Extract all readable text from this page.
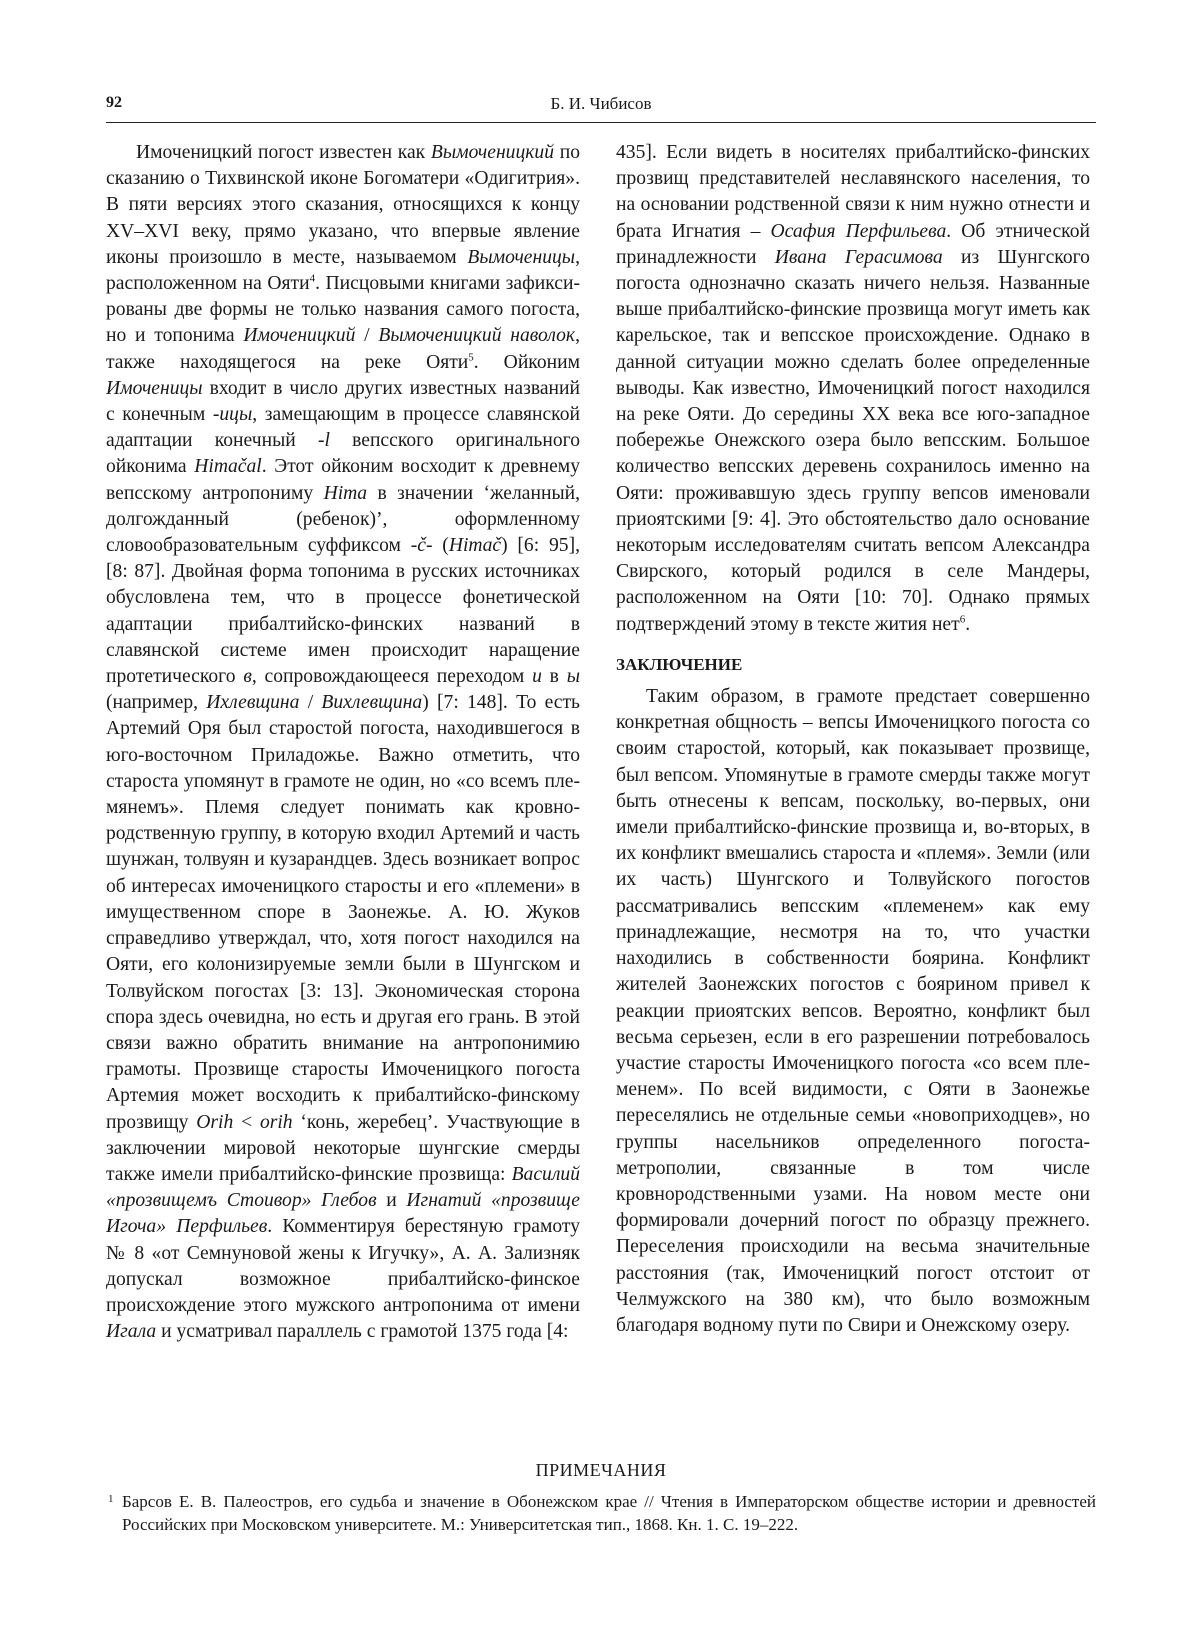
92	Б. И. Чибисов

Имоченицкий погост известен как Вымоченицкий по сказанию о Тихвинской иконе Богоматери «Одигитрия». В пяти версиях этого сказания, относящихся к концу XV–XVI веку, прямо указано, что впервые явление иконы произошло в месте, называемом Вымоченицы, расположенном на Ояти$^4$. Писцовыми книгами зафиксированы две формы не только названия самого погоста, но и топонима Имоченицкий / Вымоченицкий наволок, также находящегося на реке Ояти$^5$. Ойконим Имоченицы входит в число других известных названий с конечным -ицы, замещающим в процессе славянской адаптации конечный -l вепсского оригинального ойконима Himačal. Этот ойконим восходит к древнему вепсскому антропониму Hima в значении ‘желанный, долгожданный (ребенок)’, оформленному словообразовательным суффиксом -č- (Himač) [6: 95], [8: 87]. Двойная форма топонима в русских источниках обусловлена тем, что в процессе фонетической адаптации прибалтийско-финских названий в славянской системе имен происходит наращение протетического в, сопровождающееся переходом и в ы (например, Ихлевщина / Вихлевщина) [7: 148]. То есть Артемий Оря был старостой погоста, находившегося в юго-восточном Приладожье. Важно отметить, что староста упомянут в грамоте не один, но «со всемъ племянемъ». Племя следует понимать как кровнородственную группу, в которую входил Артемий и часть шунжан, толвуян и кузарандцев. Здесь возникает вопрос об интересах имоченицкого старосты и его «племени» в имущественном споре в Заонежье. А. Ю. Жуков справедливо утверждал, что, хотя погост находился на Ояти, его колонизируемые земли были в Шунгском и Толвуйском погостах [3: 13]. Экономическая сторона спора здесь очевидна, но есть и другая его грань. В этой связи важно обратить внимание на антропонимию грамоты. Прозвище старосты Имоченицкого погоста Артемия может восходить к прибалтийско-финскому прозвищу Orih < orih ‘конь, жеребец’. Участвующие в заключении мировой некоторые шунгские смерды также имели прибалтийско-финские прозвища: Василий «прозвищемъ Стоивор» Глебов и Игнатий «прозвище Игоча» Перфильев. Комментируя берестяную грамоту № 8 «от Семнуновой жены к Игучку», А. А. Зализняк допускал возможное прибалтийско-финское происхождение этого мужского антропонима от имени Игала и усматривал параллель с грамотой 1375 года [4:

435]. Если видеть в носителях прибалтийско-финских прозвищ представителей неславянского населения, то на основании родственной связи к ним нужно отнести и брата Игнатия – Осафия Перфильева. Об этнической принадлежности Ивана Герасимова из Шунгского погоста однозначно сказать ничего нельзя. Названные выше прибалтийско-финские прозвища могут иметь как карельское, так и вепсское происхождение. Однако в данной ситуации можно сделать более определенные выводы. Как известно, Имоченицкий погост находился на реке Ояти. До середины XX века все юго-западное побережье Онежского озера было вепсским. Большое количество вепсских деревень сохранилось именно на Ояти: проживавшую здесь группу вепсов именовали приоятскими [9: 4]. Это обстоятельство дало основание некоторым исследователям считать вепсом Александра Свирского, который родился в селе Мандеры, расположенном на Ояти [10: 70]. Однако прямых подтверждений этому в тексте жития нет$^6$.

ЗАКЛЮЧЕНИЕ

Таким образом, в грамоте предстает совершенно конкретная общность – вепсы Имоченицкого погоста со своим старостой, который, как показывает прозвище, был вепсом. Упомянутые в грамоте смерды также могут быть отнесены к вепсам, поскольку, во-первых, они имели прибалтийско-финские прозвища и, во-вторых, в их конфликт вмешались староста и «племя». Земли (или их часть) Шунгского и Толвуйского погостов рассматривались вепсским «племенем» как ему принадлежащие, несмотря на то, что участки находились в собственности боярина. Конфликт жителей Заонежских погостов с боярином привел к реакции приоятских вепсов. Вероятно, конфликт был весьма серьезен, если в его разрешении потребовалось участие старосты Имоченицкого погоста «со всем племенем». По всей видимости, с Ояти в Заонежье переселялись не отдельные семьи «новоприходцев», но группы насельников определенного погоста-метрополии, связанные в том числе кровнородственными узами. На новом месте они формировали дочерний погост по образцу прежнего. Переселения происходили на весьма значительные расстояния (так, Имоченицкий погост отстоит от Челмужского на 380 км), что было возможным благодаря водному пути по Свири и Онежскому озеру.

ПРИМЕЧАНИЯ
1 Барсов Е. В. Палеостров, его судьба и значение в Обонежском крае // Чтения в Императорском обществе истории и древностей Российских при Московском университете. М.: Университетская тип., 1868. Кн. 1. С. 19–222.
